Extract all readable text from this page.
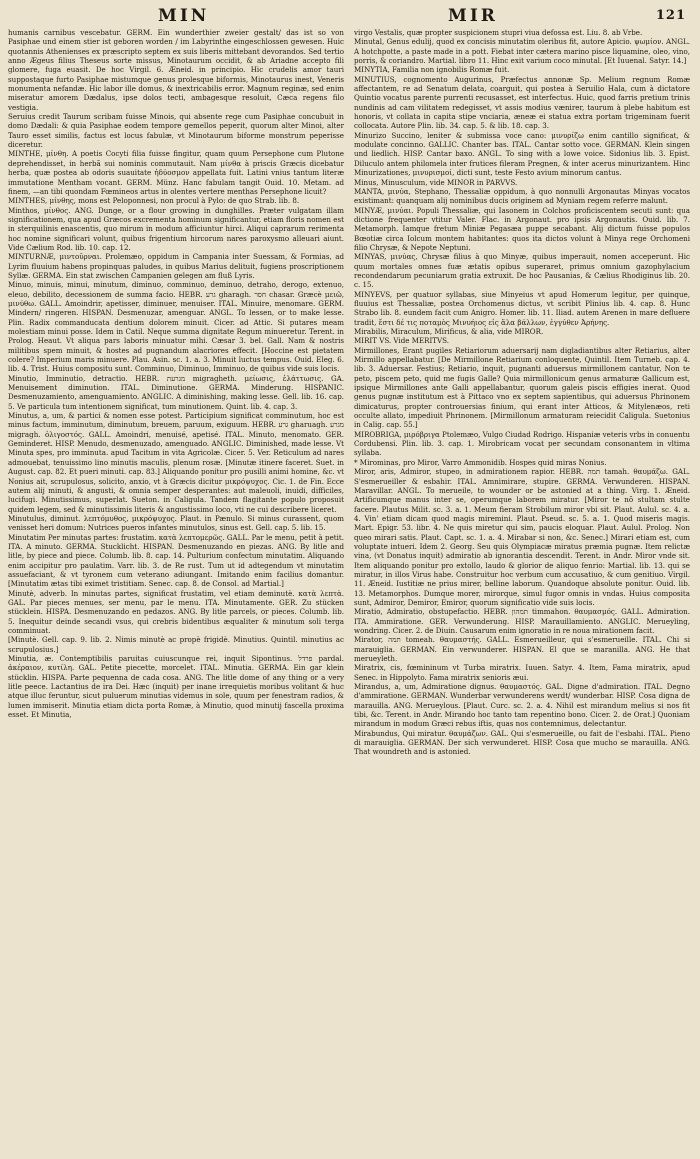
MIN	MIR	121

humanis carnibus vescebatur. GERM. Ein wunderthier zweier gestalt/ das ist so von Pasiphae und einem stier ist geboren worden / im Labyrinthe eingeschlossen gewesen. Huic quotannis Athenienses ex præscripto septem ex suis liberis mittebant devorandos. Sed tertio anno Ægeus filius Theseus sorte missus, Minotaurum occidit, & ab Ariadne accepto fili glomere, fuga euasit. De hoc Virgil. 6. Æneid. in principio. Hic crudelis amor tauri suppostaque furto Pasiphae mistumque genus prolesque biformis, Minotaurus inest, Veneris monumenta nefandæ. Hic labor ille domus, & inextricabilis error. Magnum reginæ, sed enim miseratur amorem Dædalus, ipse dolos tecti, ambagesque resoluit, Cæca regens filo vestigia.

Seruius credit Taurum scribam fuisse Minois, qui absente rege cum Pasiphae concubuit in domo Dædali: & quia Pasiphae eodem tempore gemellos peperit, quorum alter Minoi, alter Tauro esset similis, factus est locus fabulæ, vt Minotaurum biforme monstrum peperisse diceretur.

MINTHE, μίνθη. A poetis Cocyti filia fuisse fingitur, quam quum Persephone cum Plutone deprehendisset, in herbã sui nominis commutauit. Nam μίνθα à priscis Græcis dicebatur herba, quæ postea ab odoris suauitate ἡδύοσμον appellata fuit. Latini vnius tantum literæ immutatione Mentham vocant. GERM. Münz. Hanc fabulam tangit Ouid. 10. Metam. ad finem, —an tibi quondam Fœmineos artus in olentes vertere menthas Persephone licuit?

MINTHES, μίνθης, mons est Peloponnesi, non procul à Pylo: de quo Strab. lib. 8.

Minthos, μίνθος. ANG. Dunge, or a flour growing in dunghilles. Præter vulgatam illam significationem, qua apud Græcos excrementa hominum significantur, etiam floris nomen est in sterquilinis enascentis, quo mirum in modum afficiuntur hirci. Aliqui caprarum rerimenta hoc nomine significari volunt, quibus frigentium hircorum nares paroxysmo alleuari aiunt. Vide Cælium Rod. lib. 10. cap. 12.

MINTURNÆ, μιντοῦρναι. Prolemæo, oppidum in Campania inter Suessam, & Formias, ad Lyrim fluuium habens propinquas paludes, in quibus Marius delituit, fugiens proscriptionem Syllæ. GERMA. Ein stat zwischen Campanien gelegen am fluß Lyris.

Minuo, minuis, minui, minutum, diminuo, comminuo, deminuo, detraho, derogo, extenuo, eleuo, debilito, decessionem de summa facio. HEBR. גרע gharagh. חסר chasar. Græcè μειῶ, μινύθω. GALL. Amoindrir, apetisser, diminuer, menuiser. ITAL. Minuire, menomare. GERM. Mindern/ ringeren. HISPAN. Desmenuzar, amenguar. ANGL. To lessen, or to make lesse. Plin. Radix commanducata dentium dolorem minuit. Cicer. ad Attic. Si putares meam molestiam minui posse. Idem in Catil. Neque summa dignitate Regum minueretur. Terent. in Prolog. Heaut. Vt aliqua pars laboris minuatur mihi. Cæsar 3. bel. Gall. Nam & nostris militibus spem minuit, & hostes ad pugnandum alacriores effecit. [Hoccine est pietatem colere? Imperium maris minuere. Plau. Asin. sc. 1. a. 3. Minuit luctus tempus. Ouid. Eleg. 6. lib. 4. Trist. Huius compositu sunt. Comminuo, Diminuo, Imminuo, de quibus vide suis locis.

Minutio, Imminutio, detractio. HEBR. מגרעת migragheth. μείωσις, ἐλάττωσις. GA. Menuisement diminution. ITAL. Diminutione. GERMA. Minderung. HISPANIC. Desmenuzamiento, amenguamiento. ANGLIC. A diminishing, making lesse. Gell. lib. 16. cap. 5. Ve particula tum intentionem significat, tum minutionem. Quint. lib. 4. cap. 3.

Minutus, a, um, & partici & nomen esse potest. Participium significat comminutum, hoc est minus factum, imminutum, diminutum, breuem, paruum, exiguum. HEBR. גרע gharuagh. מגרע migragh. ὀλιγοστός. GALL. Amoindri, menuisé, apetisé. ITAL. Minuto, menomato. GER. Geminderet. HISP. Menudo, desmenuzado, amenguado. ANGLIC. Diminished, made lesse. Vt Minuta spes, pro imminuta. apud Tacitum in vita Agricolæ. Cicer. 5. Ver. Reticulum ad nares admouebat, tenuissimo lino minutis maculis, plenum rosæ. [Minutæ itinere faceret. Suet. in August. cap. 82. Et pueri minuti. cap. 83.] Aliquando ponitur pro pusilli animi homine, &c. vt Nonius ait, scrupulosus, solicito, anxio, vt à Græcis dicitur μικρόψυχος. Cic. 1. de Fin. Ecce autem alij minuti, & angusti, & omnia semper desperantes: aut maleuoli, inuidi, difficiles, lucifugi. Minutissimus, superlat. Sueton. in Caligula. Tandem flagitante populo proposuit quidem legem, sed & minutissimis literis & angustissimo loco, vti ne cui describere liceret.

Minutulus, diminut. λεπτόμυθος, μικρόψυχος. Plaut. in Pænulo. Si minus curassent, quom venisset heri domum: Nutrices pueros infantes minutulos, sinus est. Gell. cap. 5. lib. 15.

Minutatim Per minutas partes: frustatim. κατὰ λεπτομερῶς. GALL. Par le menu, petit à petit. ITA. A minuto. GERMA. Stucklicht. HISPAN. Desmenuzando en piezas. ANG. By litle and litle, by piece and piece. Columb. lib. 8. cap. 14. Pulturium confectum minutatim. Aliquando enim accipitur pro paulatim. Varr. lib. 3. de Re rust. Tum ut id adtegendum vt minutatim assuefaciant, & vt tyronem cum veterano adiungant. Imitando enim facilius domantur. [Minutatim ætas tibi eximet tristitiam. Senec. cap. 8. de Consol. ad Martial.]

Minutè, adverb. In minutas partes, significat frustatim, vel etiam deminutè. κατὰ λεπτὰ. GAL. Par pieces menues, ser menu, par le menu. ITA. Minutamente. GER. Zu stücken stücklein. HISPA. Desmenuzando en pedazos. ANG. By litle parcels, or pieces. Columb. lib. 5. Inequitur deinde secandi vsus, qui crebris bidentibus æqualiter & minutum soli terga comminuat.

[Minutè. Gell. cap. 9. lib. 2. Nimis minutè ac propè frigidè. Minutius. Quintil. minutius ac scrupulosius.]

Minutia, æ. Contemptibilis paruitas cuiuscunque rei, inquit Sipontinus. פרדל pardal. ἀκέραιον, κυτίλη. GAL. Petite piecette, morcelet. ITAL. Minutia. GERMA. Ein gar klein stücklin. HISPA. Parte pequenna de cada cosa. ANG. The litle dome of any thing or a very litle peece. Lactantius de ira Dei. Hæc (inquit) per inane irrequietis moribus volitant & huc atque illuc feruntur, sicut puluerum minutias videmus in sole, quum per fenestram radios, & lumen immiserit. Minutia etiam dicta porta Romæ, à Minutio, quod minutij fascella proxima esset. Et Minutia,

virgo Vestalis, quæ propter suspicionem stupri viua defossa est. Liu. 8. ab Vrbe.

Minutal, Genus edulij, quod ex concisis minutatim oleribus fit, autore Apicio. ψωμίον. ANGL. A hotchpotte, a paste made in a pott. Fiebat inter cætera marino pisce liquamine, oleo, vino, porris, & coriandro. Martial. libro 11. Hinc exit varium coco minutal. [Et Iuuenal. Satyr. 14.]

MINYTIA, Familia non ignobilis Romæ fuit.

MINUTIUS, cognomento Augurinus, Præfectus annonæ Sp. Melium regnum Romæ affectantem, re ad Senatum delata, coarguit, qui postea à Seruilio Hala, cum à dictatore Quintio vocatus parente purrenti recusasset, est interfectus. Huic, quod farris pretium trinis nundinis ad cam vilitatem redegisset, vt assis modius vænirer, taurum à plebe habitum est honoris, vt collata in capita stipe vnciaria, æneæ ei statua extra portam trigeminam fuerit collocata. Autore Plin. lib. 34. cap. 5. & lib. 18. cap. 3.

Minurizo Succino, leniter & submissa voce cano: μινυρίζω enim cantillo significat, & modulate concinno. GALLIC. Chanter bas. ITAL. Cantar sotto voce. GERMAN. Klein singen und liedlich. HISP. Cantar baxo. ANGL. To sing with a lowe voice. Sidonius lib. 3. Epist. Diluculo antem philomela inter frutices fileram Pregnen, & inter acerus minurizantem. Hinc Minurizationes, μινυρισμοί, dicti sunt, teste Festo avium minorum cantus.

Minus, Minusculum, vide MINOR in PARVVS.

MANTA, μινύα, Stephano, Thessaliæ oppidum, à quo nonnulli Argonautas Minyas vocatos existimant: quanquam alij nominibus ducis originem ad Myniam regem referre malunt.

MINYÆ, μινύαι. Populi Thessaliæ, qui Iasonem in Colchos proficiscentem secuti sunt: qua dictione frequenter vtitur Valer. Flac. in Argonaut. pro ipsis Argonautis. Ouid. lib. 7. Metamorph. Iamque fretum Miniæ Pegasæa puppe secabant. Alij dictum fuisse populos Bœotiæ circa Iolcum montem habitantes: quos ita dictos volunt à Minya rege Orchomeni filio Chrysæ, & Nepote Neptuni.

MINYAS, μινύας, Chrysæ filius à quo Minyæ, quibus imperauit, nomen acceperunt. Hic quum mortales omnes fuæ ætatis opibus superaret, primus omnium gazophylacium recondendarum pecuniarum gratia extruxit. De hoc Pausanias, & Cælius Rhodiginus lib. 20. c. 15.

MINYEVS, per quatuor syllabas, siue Minyeius vt apud Homerum legitur, per quinque, fluuius est Thessaliæ, postea Orchomenus dictus, vt scribit Plinius lib. 4. cap. 8. Hunc Strabo lib. 8. eundem facit cum Anigro. Homer. lib. 11. Iliad. autem Arenen in mare defluere tradit, ἔστι δέ τις ποταμὸς Μινυήιος εἰς ἅλα βάλλων, ἐγγύθεν Ἀρήνης.

Mirabilis, Miraculum, Mirificus, & alia, vide MIROR.

MIRIT VS. Vide MERITVS.

Mirmillones, Erant pugiles Retiariorum aduersarij nam digladiantibus alter Retiarius, alter Mirmillo appellabatur. [De Mirmillone Retiarium conloquente, Quintil. Item Turneb. cap. 4. lib. 3. Aduersar. Festius; Retiario, inquit, pugnanti aduersus mirmillonem cantatur, Non te peto, piscem peto, quid me fugis Galle? Quia mirmillonicum genus armaturæ Gallicum est, ipsique Mirmillones ante Galli appellabantur, quorum galeis piscis effigies inerat. Quod genus pugnæ institutum est à Pittaco vno ex septem sapientibus, qui aduersus Phrinonem dimicaturus, propter controuersias finium, qui erant inter Atticos, & Mitylenæos, reti occulte allato, impediuit Phrinonem. [Mirmillonum armaturam reiecidit Caligula. Suetonius in Calig. cap. 55.]

MIROBRIGA, μιρόβριγα Ptolemæo, Vulgo Ciudad Rodrigo. Hispaniæ veteris vrbs in conuentu Cordubensi. Plin. lib. 3. cap. 1. Mirobricam vocat per secundam consonantem in vltima syllaba.

* Mirominas, pro Miror, Varro Ammonidib. Hospes quid miras Nonius.

Miror, aris, Admiror, stupeo, in admirationem rapior. HEBR. תמה tamah. θαυμάζω. GAL. S'esmerueiller & esbahir. ITAL. Amnimirare, stupire. GERMA. Verwunderen. HISPAN. Maravillar. ANGL. To merueile, to wounder or be astonied at a thing. Virg. 1. Æneid. Artificumque manus inter se, operumque laborem miratur. [Miror te nõ stultam stulte facere. Plautus Milit. sc. 3. a. 1. Meum fieram Strobilum miror vbi sit. Plaut. Aulul. sc. 4. a. 4. Vin' etiam dicam quod magis miremini. Plaut. Pseud. sc. 5. a. 1. Quod miseris magis. Mart. Epigr. 53. libr. 4. Ne quis miretur qui sim, paucis eloquar. Plaut. Aulul. Prolog. Non queo mirari satis. Plaut. Capt. sc. 1. a. 4. Mirabar si non, &c. Senec.] Mirari etiam est, cum voluptate intueri. Idem 2. Georg. Seu quis Olympiacæ miratus præmia pugnæ. Item relictæ vina, (vt Donatus inquit) admiratio ab ignorantia descendit. Terent. in Andr. Miror vnde sit. Item aliquando ponitur pro extollo, laudo & glorior de aliquo fenrio: Martial. lib. 13. qui se miratur, in illos Virus habe. Construitur hoc verbum cum accusatiuo, & cum genitiuo. Virgil. 11. Æneid. Iustitiæ ne prius mirer, belline laborum. Quandoque absolute ponitur. Ouid. lib. 13. Metamorphos. Dumque morer, mirorque, simul fugor omnis in vndas. Huius composita sunt, Admiror, Demiror, Emiror, quorum significatio vide suis locis.

Miratio, Admiratio, obstupefactio. HEBR. תמהון timmahon. θαυμασμός. GALL. Admiration. ITA. Ammiratione. GER. Verwunderung. HISP. Marauillamiento. ANGLIC. Merueyling, wondring. Cicer. 2. de Diuin. Causarum enim ignoratio in re noua mirationem facit.

Mirator, תמה tomeah. θαυμαστής. GALL. Esmerueilleur, qui s'esmerueille. ITAL. Chi si marauiglia. GERMAN. Ein verwunderer. HISPAN. El que se maranilla. ANG. He that merueyleth.

Miratrix, cis, fœmininum vt Turba miratrix. Iuuen. Satyr. 4. Item, Fama miratrix, apud Senec. in Hippolyto. Fama miratrix senioris æui.

Mirandus, a, um, Admiratione dignus. θαυμαστός. GAL. Digne d'admiration. ITAL. Degno d'ammiratione. GERMAN. Wunderbar verwunderens werdt/ wunderbar. HISP. Cosa digna de marauilla. ANG. Merueylous. [Plaut. Curc. sc. 2. a. 4. Nihil est mirandum melius si nos fit tibi, &c. Terent. in Andr. Mirando hoc tanto tam repentino bono. Cicer. 2. de Orat.] Quoniam mirandum in modum Græci rebus iftis, quas nos contemnimus, delectantur.

Mirabundus, Qui miratur. θαυμάζων. GAL. Qui s'esmerueille, ou fait de l'esbahi. ITAL. Pieno di marauiglia. GERMAN. Der sich verwunderet. HISP. Cosa que mucho se marauilla. ANG. That woundreth and is astonied.
